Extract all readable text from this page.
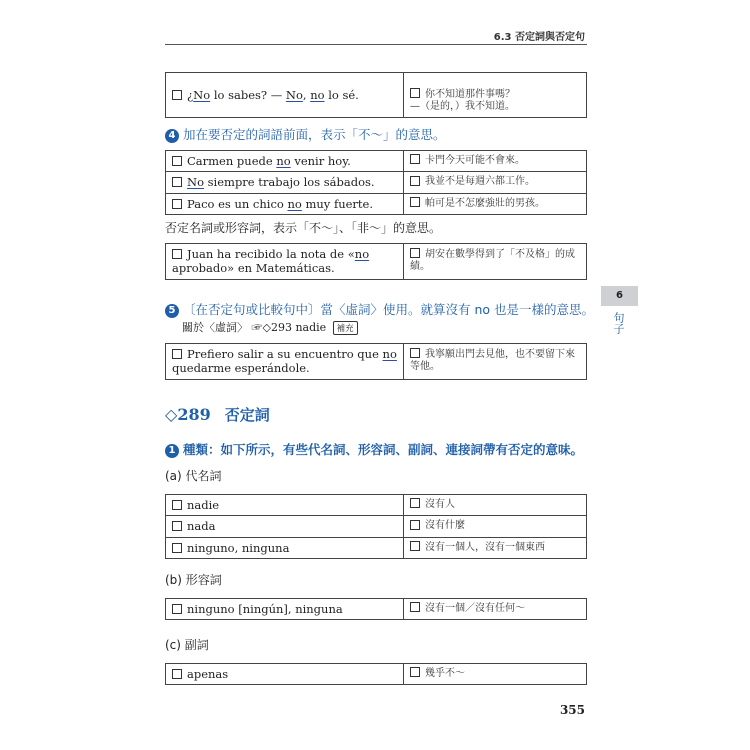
6.3 否定詞與否定句
¿No lo sabes? — No, no lo sé.	你不知道那件事嗎？
—（是的，）我不知道。

4 加在要否定的詞語前面，表示「不～」的意思。
Carmen puede no venir hoy.	卡門今天可能不會來。
No siempre trabajo los sábados.	我並不是每週六都工作。
Paco es un chico no muy fuerte.	帕可是不怎麼強壯的男孩。
否定名詞或形容詞，表示「不～」、「非～」的意思。
Juan ha recibido la nota de «no aprobado» en Matemáticas.	胡安在數學得到了「不及格」的成績。
5 〔在否定句或比較句中〕當〈虛詞〉使用。就算沒有 no 也是一樣的意思。
關於〈虛詞〉 ☞◇293 nadie 補充
Prefiero salir a su encuentro que no quedarme esperándole.	我寧願出門去見他，也不要留下來等他。
6
句子
◇289 否定詞
1 種類：如下所示，有些代名詞、形容詞、副詞、連接詞帶有否定的意味。
(a) 代名詞
nadie	沒有人
nada	沒有什麼
ninguno, ninguna	沒有一個人，沒有一個東西
(b) 形容詞
ninguno [ningún], ninguna	沒有一個／沒有任何～
(c) 副詞
apenas	幾乎不～
355
